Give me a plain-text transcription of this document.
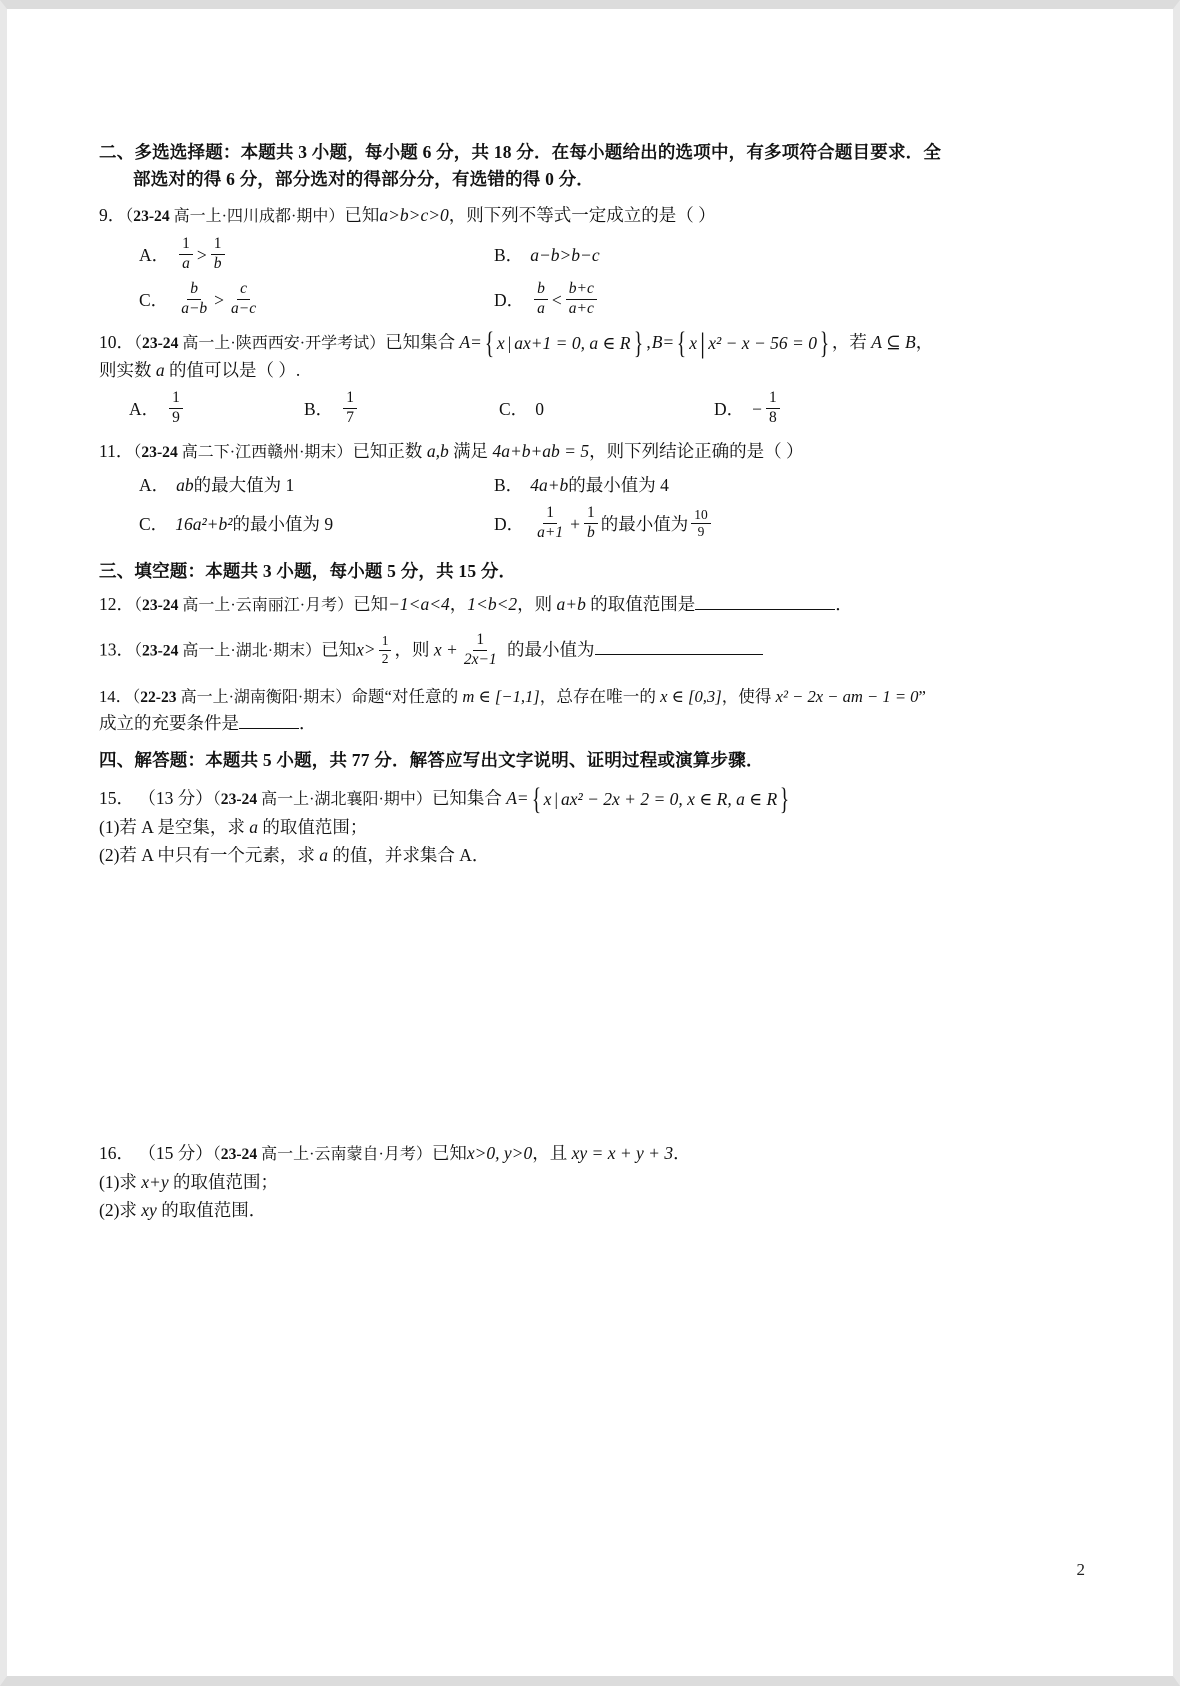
二、多选选择题：本题共 3 小题，每小题 6 分，共 18 分．在每小题给出的选项中，有多项符合题目要求．全
部选对的得 6 分，部分选对的得部分分，有选错的得 0 分．
9．（23-24 高一上·四川成都·期中）已知a>b>c>0，则下列不等式一定成立的是（ ）
A． $\frac{1}{a} > \frac{1}{b}$	B． a−b>b−c
C． $\frac{b}{a-b} > \frac{c}{a-c}$	D． $\frac{b}{a} < \frac{b+c}{a+c}$
10．（23-24 高一上·陕西西安·开学考试）已知集合 A= { x | ax+1 = 0, a ∈ R } ,B= { x | x² − x − 56 = 0 } ，若 A ⊆ B，
则实数 a 的值可以是（ ）.
A． $\frac{1}{9}$	B． $\frac{1}{7}$	C． 0	D． − $\frac{1}{8}$
11．（23-24 高二下·江西赣州·期末）已知正数 a,b 满足 4a+b+ab = 5，则下列结论正确的是（ ）
A． ab 的最大值为 1	B． 4a+b 的最小值为 4
C． 16a²+b² 的最小值为 9	D． $\frac{1}{a+1} + \frac{1}{b}$ 的最小值为 $\frac{10}{9}$
三、填空题：本题共 3 小题，每小题 5 分，共 15 分．
12．（23-24 高一上·云南丽江·月考）已知−1<a<4，1<b<2，则 a+b 的取值范围是	．
13．（23-24 高一上·湖北·期末）已知$x> \frac{1}{2}$ ，则 $x + \frac{1}{2x-1}$ 的最小值为
14．（22-23 高一上·湖南衡阳·期末）命题“对任意的 m ∈ [−1,1]，总存在唯一的 x ∈ [0,3]，使得 x² − 2x − am − 1 = 0”
成立的充要条件是	．
四、解答题：本题共 5 小题，共 77 分．解答应写出文字说明、证明过程或演算步骤．
15． （13 分）（23-24 高一上·湖北襄阳·期中）已知集合 A= { x | ax² − 2x + 2 = 0, x ∈ R, a ∈ R }
(1)若 A 是空集，求 a 的取值范围；
(2)若 A 中只有一个元素，求 a 的值，并求集合 A．
16． （15 分）（23-24 高一上·云南蒙自·月考）已知x>0, y>0，且 xy = x + y + 3．
(1)求 x+y 的取值范围；
(2)求 xy 的取值范围．
2
